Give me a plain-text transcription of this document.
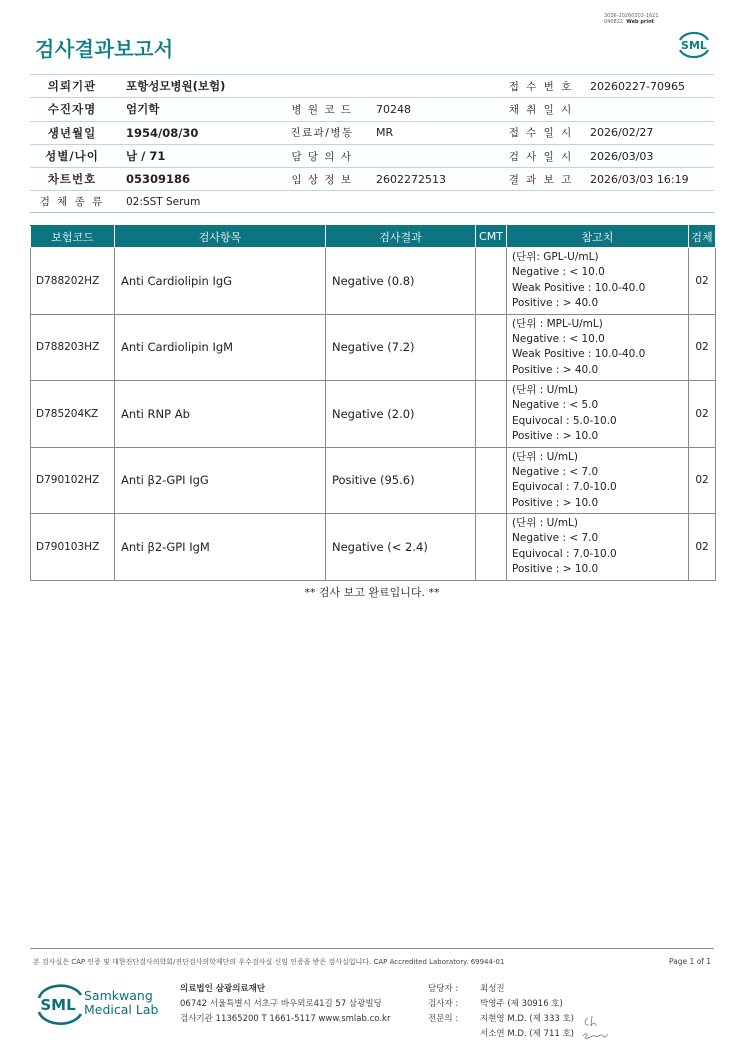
3036-20260303-1621
040822 Web print
검사결과보고서	SML
의뢰기관	포항성모병원(보험)	접 수 번 호	20260227-70965
수진자명	엄기학	병 원 코 드	70248	채 취 일 시
생년월일	1954/08/30	진료과/병동	MR	접 수 일 시	2026/02/27
성별/나이	남 / 71	담 당 의 사	검 사 일 시	2026/03/03
차트번호	05309186	임 상 정 보	2602272513	결 과 보 고	2026/03/03 16:19
검 체 종 류	02:SST Serum
보험코드	검사항목	검사결과	CMT	참고치	검체
D788202HZ	Anti Cardiolipin IgG	Negative (0.8)		(단위: GPL-U/mL)
Negative : < 10.0
Weak Positive : 10.0-40.0
Positive : > 40.0	02
D788203HZ	Anti Cardiolipin IgM	Negative (7.2)		(단위 : MPL-U/mL)
Negative : < 10.0
Weak Positive : 10.0-40.0
Positive : > 40.0	02
D785204KZ	Anti RNP Ab	Negative (2.0)		(단위 : U/mL)
Negative : < 5.0
Equivocal : 5.0-10.0
Positive : > 10.0	02
D790102HZ	Anti β2-GPI IgG	Positive (95.6)		(단위 : U/mL)
Negative : < 7.0
Equivocal : 7.0-10.0
Positive : > 10.0	02
D790103HZ	Anti β2-GPI IgM	Negative (< 2.4)		(단위 : U/mL)
Negative : < 7.0
Equivocal : 7.0-10.0
Positive : > 10.0	02
** 검사 보고 완료입니다. **
본 검사실은 CAP 인증 및 대한진단검사의학회/진단검사의학재단의 우수검사실 신임 인증을 받은 검사실입니다. CAP Accredited Laboratory. 69944-01	Page 1 of 1
SML
Samkwang
Medical Lab
의료법인 삼광의료재단
06742 서울특별시 서초구 바우뫼로41길 57 삼광빌딩
검사기관 11365200 T 1661-5117 www.smlab.co.kr
담당자 :	최성진
검사자 :	박영주 (제 30916 호)
전문의 :	지현영 M.D. (제 333 호)
서소연 M.D. (제 711 호)
